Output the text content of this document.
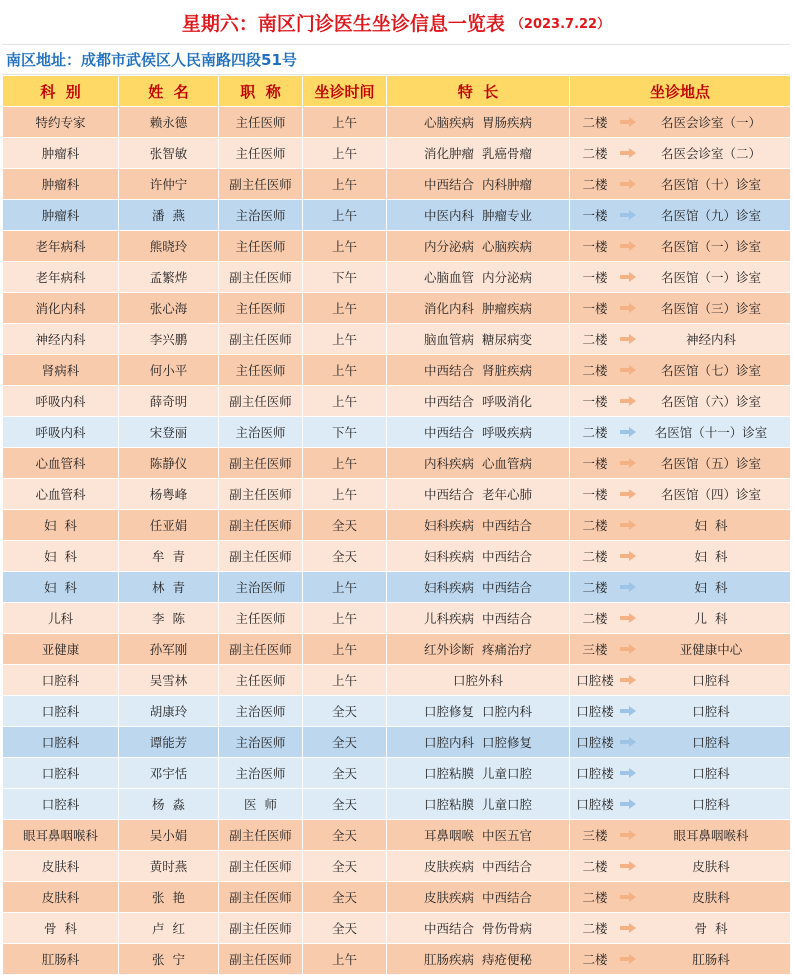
星期六：南区门诊医生坐诊信息一览表 （2023.7.22）
南区地址： 成都市武侯区人民南路四段51号
科  别	姓  名	职  称	坐诊时间	特  长	坐诊地点
特约专家	赖永德	主任医师	上午	心脑疾病  胃肠疾病	二楼 名医会诊室（一）

肿瘤科	张智敏	主任医师	上午	消化肿瘤  乳癌骨瘤	二楼 名医会诊室（二）

肿瘤科	许仲宁	副主任医师	上午	中西结合  内科肿瘤	二楼 名医馆（十）诊室

肿瘤科	潘  燕	主治医师	上午	中医内科  肿瘤专业	一楼 名医馆（九）诊室

老年病科	熊晓玲	主任医师	上午	内分泌病  心脑疾病	一楼 名医馆（一）诊室

老年病科	孟繁烨	副主任医师	下午	心脑血管  内分泌病	一楼 名医馆（一）诊室

消化内科	张心海	主任医师	上午	消化内科  肿瘤疾病	一楼 名医馆（三）诊室

神经内科	李兴鹏	副主任医师	上午	脑血管病  糖尿病变	二楼 神经内科

肾病科	何小平	主任医师	上午	中西结合  肾脏疾病	二楼 名医馆（七）诊室

呼吸内科	薛奇明	副主任医师	上午	中西结合  呼吸消化	一楼 名医馆（六）诊室

呼吸内科	宋登丽	主治医师	下午	中西结合  呼吸疾病	二楼 名医馆（十一）诊室

心血管科	陈静仪	副主任医师	上午	内科疾病  心血管病	一楼 名医馆（五）诊室

心血管科	杨粤峰	副主任医师	上午	中西结合  老年心肺	一楼 名医馆（四）诊室

妇  科	任亚娟	副主任医师	全天	妇科疾病  中西结合	二楼 妇  科

妇  科	牟  青	副主任医师	全天	妇科疾病  中西结合	二楼 妇  科

妇  科	林  青	主治医师	上午	妇科疾病  中西结合	二楼 妇  科

儿科	李  陈	主任医师	上午	儿科疾病  中西结合	二楼 儿  科

亚健康	孙军刚	副主任医师	上午	红外诊断  疼痛治疗	三楼 亚健康中心

口腔科	吴雪林	主任医师	上午	口腔外科	口腔楼 口腔科

口腔科	胡康玲	主治医师	全天	口腔修复  口腔内科	口腔楼 口腔科

口腔科	谭能芳	主治医师	全天	口腔内科  口腔修复	口腔楼 口腔科

口腔科	邓宇恬	主治医师	全天	口腔粘膜  儿童口腔	口腔楼 口腔科

口腔科	杨  淼	医  师	全天	口腔粘膜  儿童口腔	口腔楼 口腔科

眼耳鼻咽喉科	吴小娟	副主任医师	全天	耳鼻咽喉  中医五官	三楼 眼耳鼻咽喉科

皮肤科	黄时燕	副主任医师	全天	皮肤疾病  中西结合	二楼 皮肤科

皮肤科	张  艳	副主任医师	全天	皮肤疾病  中西结合	二楼 皮肤科

骨  科	卢  红	副主任医师	全天	中西结合  骨伤骨病	二楼 骨  科

肛肠科	张  宁	副主任医师	上午	肛肠疾病  痔疮便秘	二楼 肛肠科
